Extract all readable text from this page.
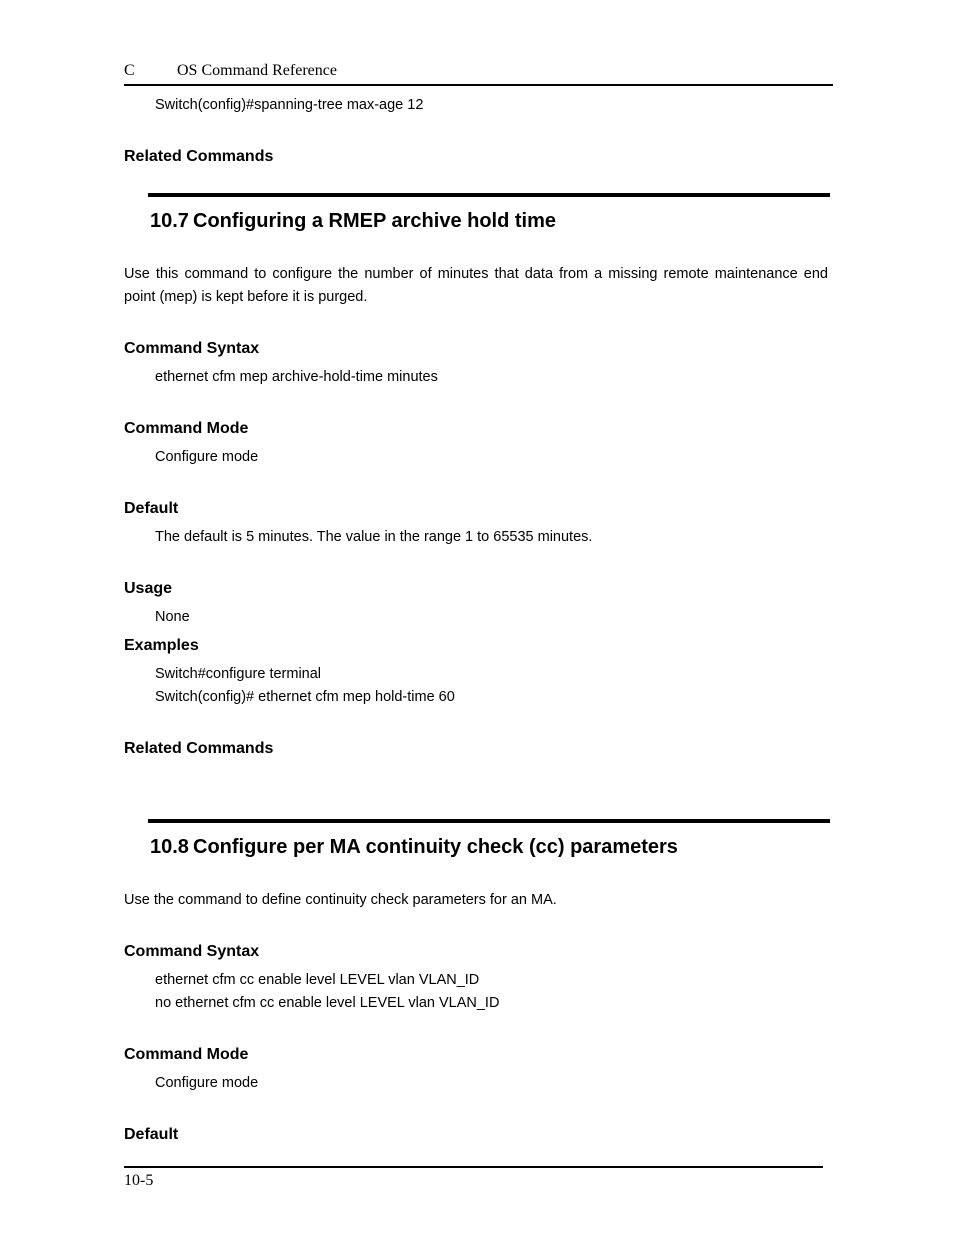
C	OS Command Reference
Switch(config)#spanning-tree max-age 12
Related Commands
10.7 Configuring a RMEP archive hold time
Use this command to configure the number of minutes that data from a missing remote maintenance end point (mep) is kept before it is purged.
Command Syntax
ethernet cfm mep archive-hold-time minutes
Command Mode
Configure mode
Default
The default is 5 minutes. The value in the range 1 to 65535 minutes.
Usage
None
Examples
Switch#configure terminal
Switch(config)# ethernet cfm mep hold-time 60
Related Commands
10.8 Configure per MA continuity check (cc) parameters
Use the command to define continuity check parameters for an MA.
Command Syntax
ethernet cfm cc enable level LEVEL vlan VLAN_ID
no ethernet cfm cc enable level LEVEL vlan VLAN_ID
Command Mode
Configure mode
Default
10-5
